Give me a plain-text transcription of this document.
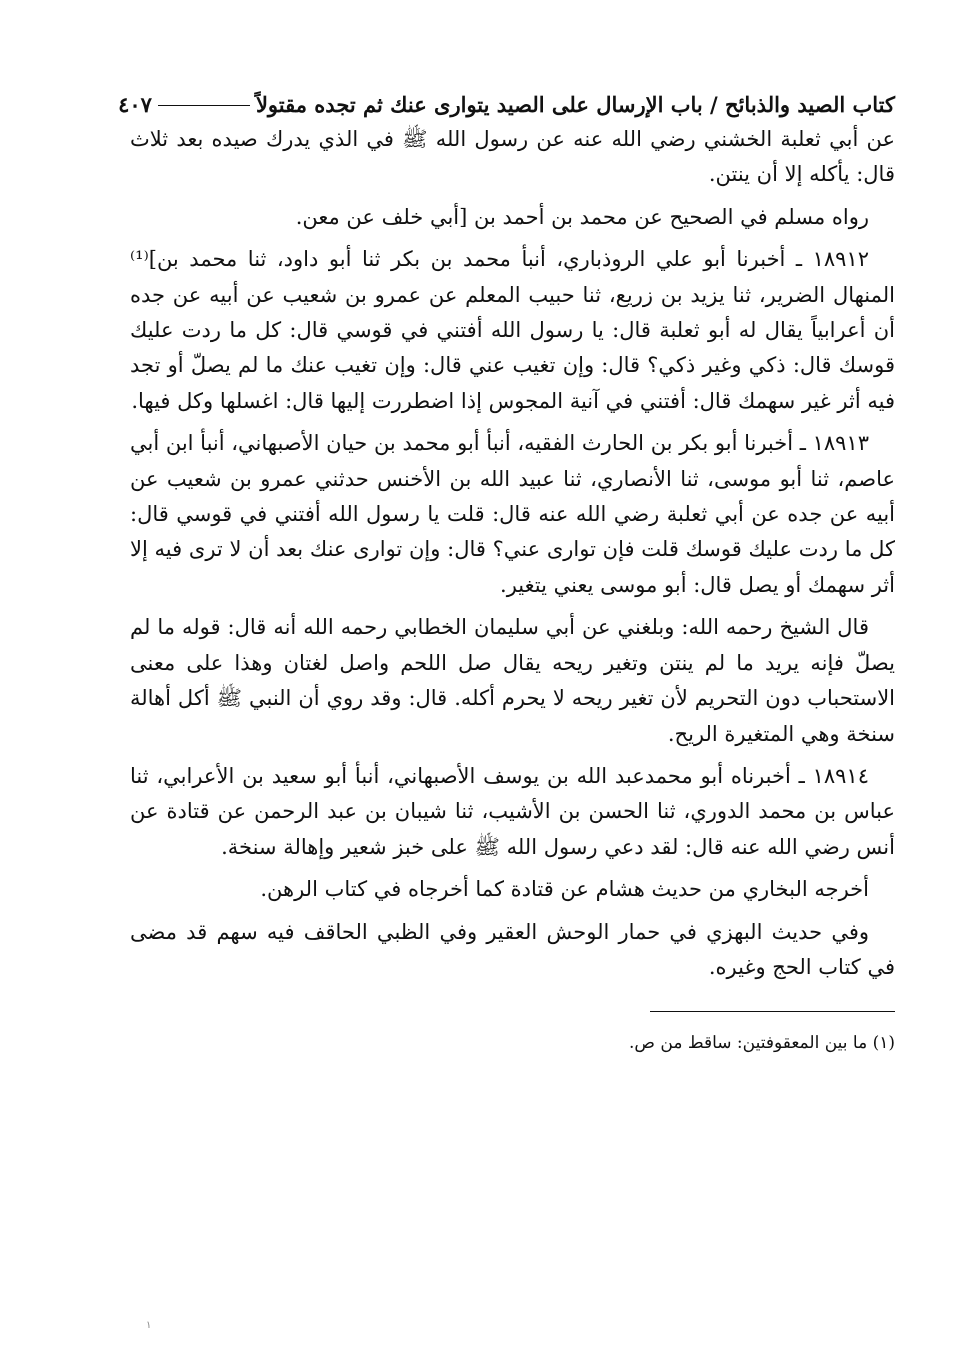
كتاب الصيد والذبائح / باب الإرسال على الصيد يتوارى عنك ثم تجده مقتولاً
٤٠٧

عن أبي ثعلبة الخشني رضي الله عنه عن رسول الله ﷺ في الذي يدرك صيده بعد ثلاث قال: يأكله إلا أن ينتن.

رواه مسلم في الصحيح عن محمد بن أحمد بن [أبي خلف عن معن.

١٨٩١٢ ـ أخبرنا أبو علي الروذباري، أنبأ محمد بن بكر ثنا أبو داود، ثنا محمد بن]⁽¹⁾ المنهال الضرير، ثنا يزيد بن زريع، ثنا حبيب المعلم عن عمرو بن شعيب عن أبيه عن جده أن أعرابياً يقال له أبو ثعلبة قال: يا رسول الله أفتني في قوسي قال: كل ما ردت عليك قوسك قال: ذكي وغير ذكي؟ قال: وإن تغيب عني قال: وإن تغيب عنك ما لم يصلّ أو تجد فيه أثر غير سهمك قال: أفتني في آنية المجوس إذا اضطررت إليها قال: اغسلها وكل فيها.

١٨٩١٣ ـ أخبرنا أبو بكر بن الحارث الفقيه، أنبأ أبو محمد بن حيان الأصبهاني، أنبأ ابن أبي عاصم، ثنا أبو موسى، ثنا الأنصاري، ثنا عبيد الله بن الأخنس حدثني عمرو بن شعيب عن أبيه عن جده عن أبي ثعلبة رضي الله عنه قال: قلت يا رسول الله أفتني في قوسي قال: كل ما ردت عليك قوسك قلت فإن توارى عني؟ قال: وإن توارى عنك بعد أن لا ترى فيه إلا أثر سهمك أو يصل قال: أبو موسى يعني يتغير.

قال الشيخ رحمه الله: وبلغني عن أبي سليمان الخطابي رحمه الله أنه قال: قوله ما لم يصلّ فإنه يريد ما لم ينتن وتغير ريحه يقال صل اللحم واصل لغتان وهذا على معنى الاستحباب دون التحريم لأن تغير ريحه لا يحرم أكله. قال: وقد روي أن النبي ﷺ أكل أهالة سنخة وهي المتغيرة الريح.

١٨٩١٤ ـ أخبرناه أبو محمدعبد الله بن يوسف الأصبهاني، أنبأ أبو سعيد بن الأعرابي، ثنا عباس بن محمد الدوري، ثنا الحسن بن الأشيب، ثنا شيبان بن عبد الرحمن عن قتادة عن أنس رضي الله عنه قال: لقد دعي رسول الله ﷺ على خبز شعير وإهالة سنخة.

أخرجه البخاري من حديث هشام عن قتادة كما أخرجاه في كتاب الرهن.

وفي حديث البهزي في حمار الوحش العقير وفي الظبي الحاقف فيه سهم قد مضى في كتاب الحج وغيره.

(١) ما بين المعقوفتين: ساقط من ص.
١
